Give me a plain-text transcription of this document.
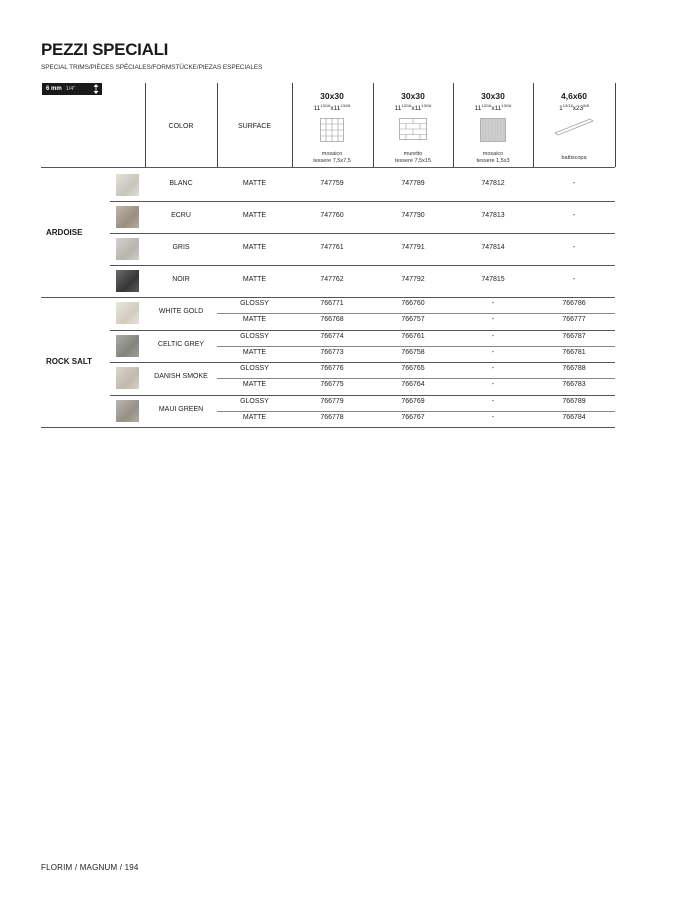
PEZZI SPECIALI
SPECIAL TRIMS/PIÈCES SPÉCIALES/FORMSTÜCKE/PIEZAS ESPECIALES
6 mm 1/4"
COLOR	SURFACE
30x30
$11^{13/16}x11^{13/16}$
mosaico
tessere 7,5x7,5
30x30
$11^{13/16}x11^{13/16}$
muretto
tessere 7,5x15
30x30
$11^{13/16}x11^{13/16}$
mosaico
tessere 1,5x3
4,6x60
$1^{13/16}x23^{5/8}$
battiscopa
BLANC	MATTE	747759	747789	747812	-
ECRU	MATTE	747760	747790	747813	-
GRIS	MATTE	747761	747791	747814	-
NOIR	MATTE	747762	747792	747815	-
ARDOISE
WHITE GOLD
GLOSSY	766771	766760	-	766786
MATTE	766768	766757	-	766777
CELTIC GREY
GLOSSY	766774	766761	-	766787
MATTE	766773	766758	-	766781
DANISH SMOKE
GLOSSY	766776	766765	-	766788
MATTE	766775	766764	-	766783
MAUI GREEN
GLOSSY	766779	766769	-	766789
MATTE	766778	766767	-	766784
ROCK SALT
FLORIM / MAGNUM / 194
